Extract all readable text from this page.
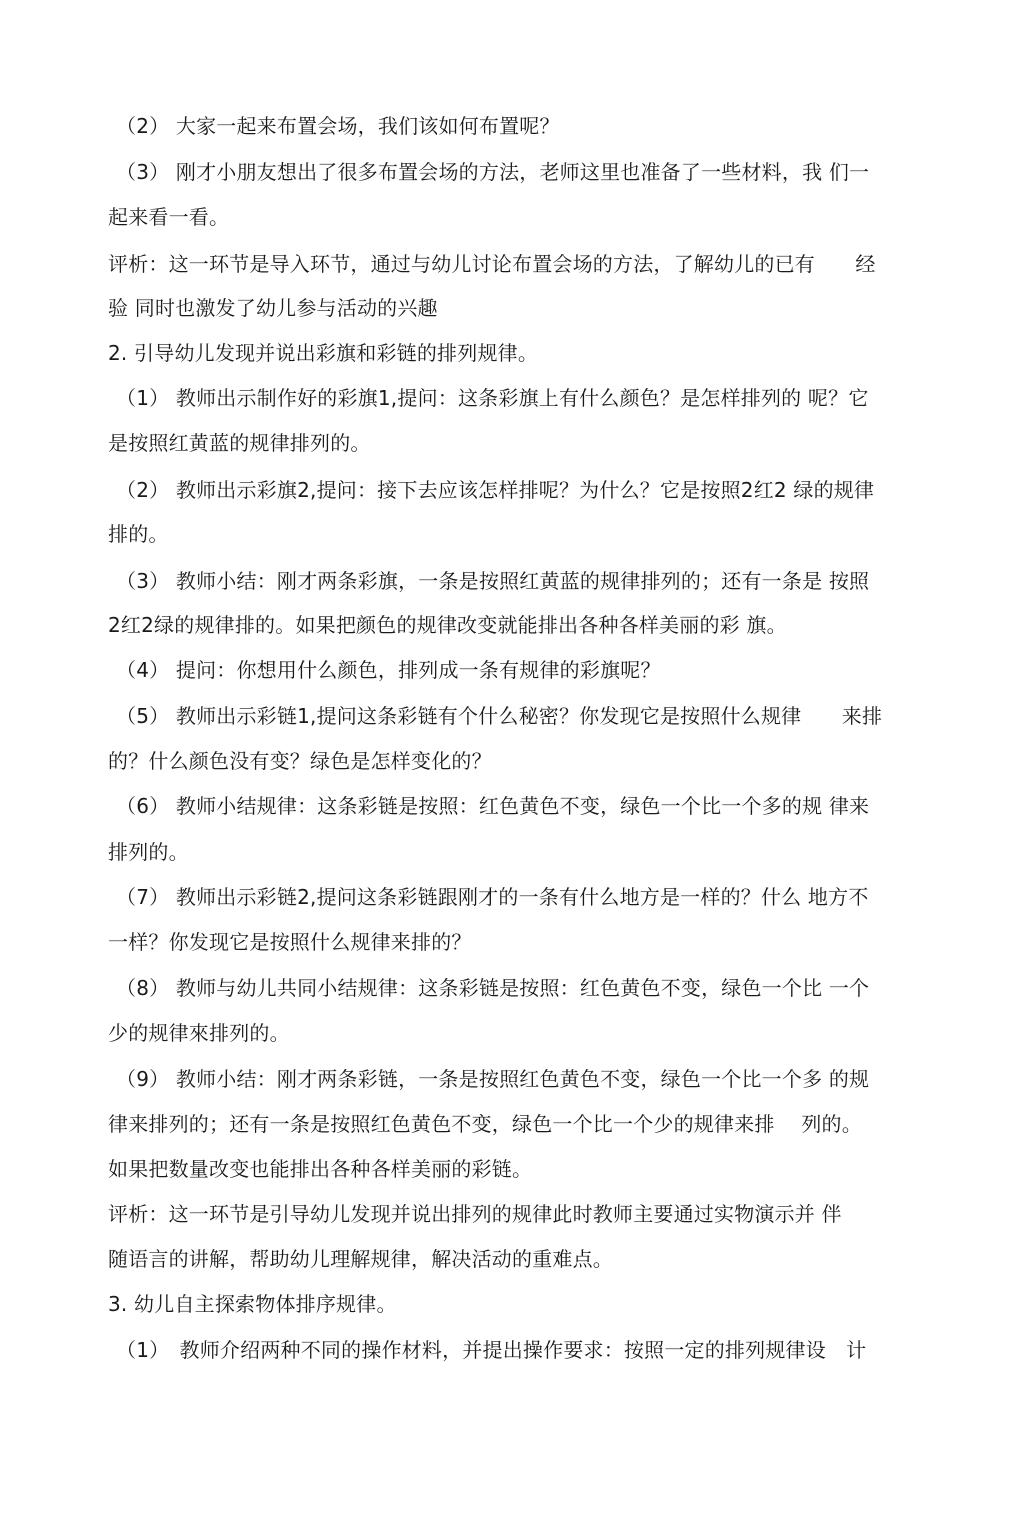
（2） 大家一起来布置会场，我们该如何布置呢？
（3） 刚才小朋友想出了很多布置会场的方法，老师这里也准备了一些材料，我 们一
起来看一看。
评析：这一环节是导入环节，通过与幼儿讨论布置会场的方法，了解幼儿的已有　　经
验 同时也激发了幼儿参与活动的兴趣
2. 引导幼儿发现并说出彩旗和彩链的排列规律。
（1） 教师出示制作好的彩旗1,提问：这条彩旗上有什么颜色？是怎样排列的 呢？它
是按照红黄蓝的规律排列的。
（2） 教师出示彩旗2,提问：接下去应该怎样排呢？为什么？它是按照2红2 绿的规律
排的。
（3） 教师小结：刚才两条彩旗，一条是按照红黄蓝的规律排列的；还有一条是 按照
2红2绿的规律排的。如果把颜色的规律改变就能排出各种各样美丽的彩 旗。
（4） 提问：你想用什么颜色，排列成一条有规律的彩旗呢？
（5） 教师出示彩链1,提问这条彩链有个什么秘密？你发现它是按照什么规律　　来排
的？什么颜色没有变？绿色是怎样变化的？
（6） 教师小结规律：这条彩链是按照：红色黄色不变，绿色一个比一个多的规 律来
排列的。
（7） 教师出示彩链2,提问这条彩链跟刚才的一条有什么地方是一样的？什么 地方不
一样？你发现它是按照什么规律来排的？
（8） 教师与幼儿共同小结规律：这条彩链是按照：红色黄色不变，绿色一个比 一个
少的规律來排列的。
（9） 教师小结：刚才两条彩链，一条是按照红色黄色不变，绿色一个比一个多 的规
律来排列的；还有一条是按照红色黄色不变，绿色一个比一个少的规律来排　 列的。
如果把数量改变也能排出各种各样美丽的彩链。
评析：这一环节是引导幼儿发现并说出排列的规律此时教师主要通过实物演示并 伴
随语言的讲解，帮助幼儿理解规律，解决活动的重难点。
3. 幼儿自主探索物体排序规律。
（1）　教师介绍两种不同的操作材料，并提出操作要求：按照一定的排列规律设　计
